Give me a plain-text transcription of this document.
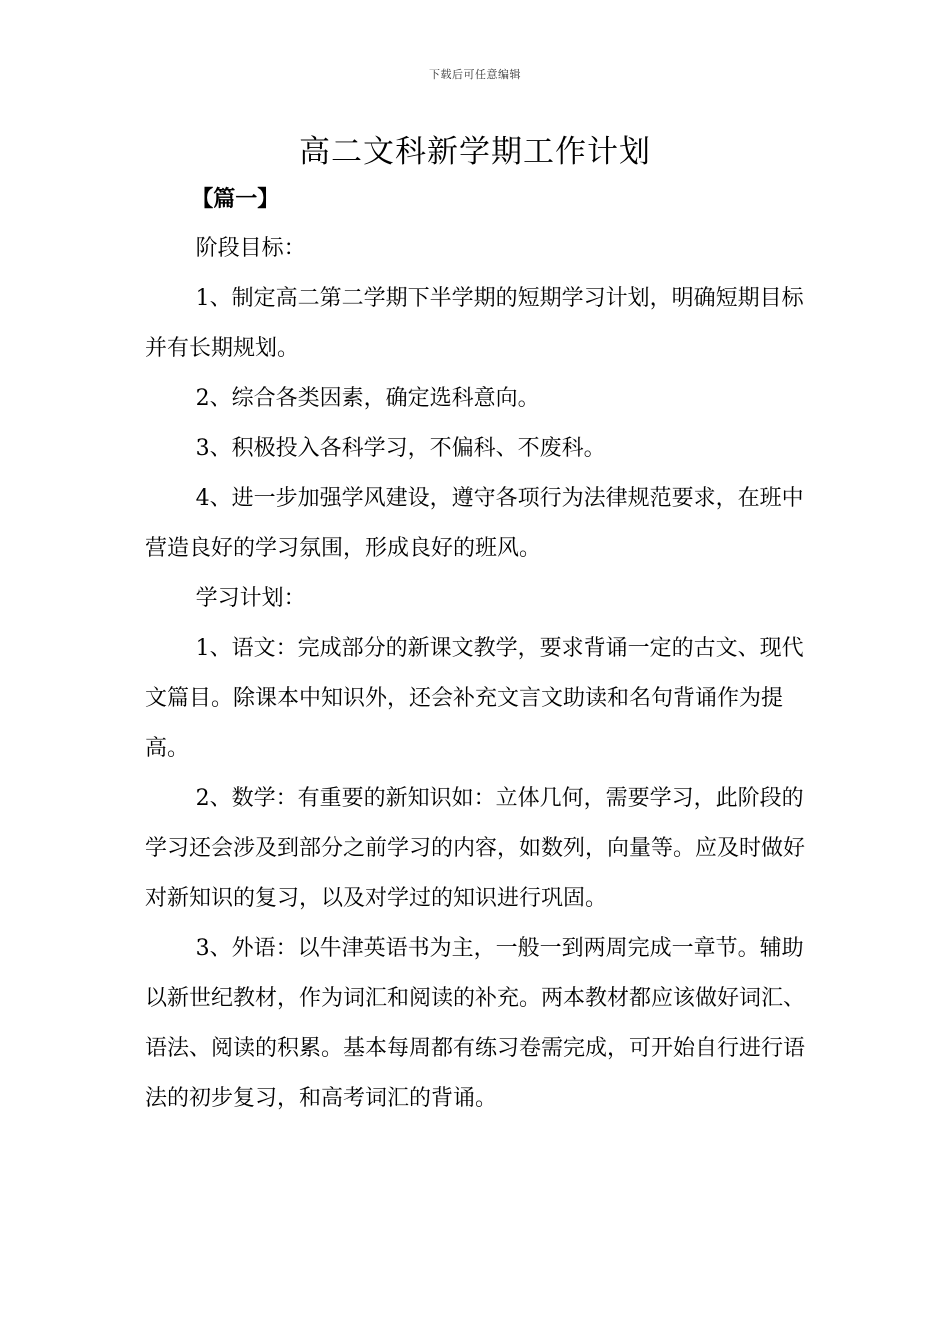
下载后可任意编辑
高二文科新学期工作计划

【篇一】

阶段目标：

1、制定高二第二学期下半学期的短期学习计划，明确短期目标并有长期规划。

2、综合各类因素，确定选科意向。

3、积极投入各科学习，不偏科、不废科。

4、进一步加强学风建设，遵守各项行为法律规范要求，在班中营造良好的学习氛围，形成良好的班风。

学习计划：

1、语文：完成部分的新课文教学，要求背诵一定的古文、现代文篇目。除课本中知识外，还会补充文言文助读和名句背诵作为提高。

2、数学：有重要的新知识如：立体几何，需要学习，此阶段的学习还会涉及到部分之前学习的内容，如数列，向量等。应及时做好对新知识的复习，以及对学过的知识进行巩固。

3、外语：以牛津英语书为主，一般一到两周完成一章节。辅助以新世纪教材，作为词汇和阅读的补充。两本教材都应该做好词汇、语法、阅读的积累。基本每周都有练习卷需完成，可开始自行进行语法的初步复习，和高考词汇的背诵。
